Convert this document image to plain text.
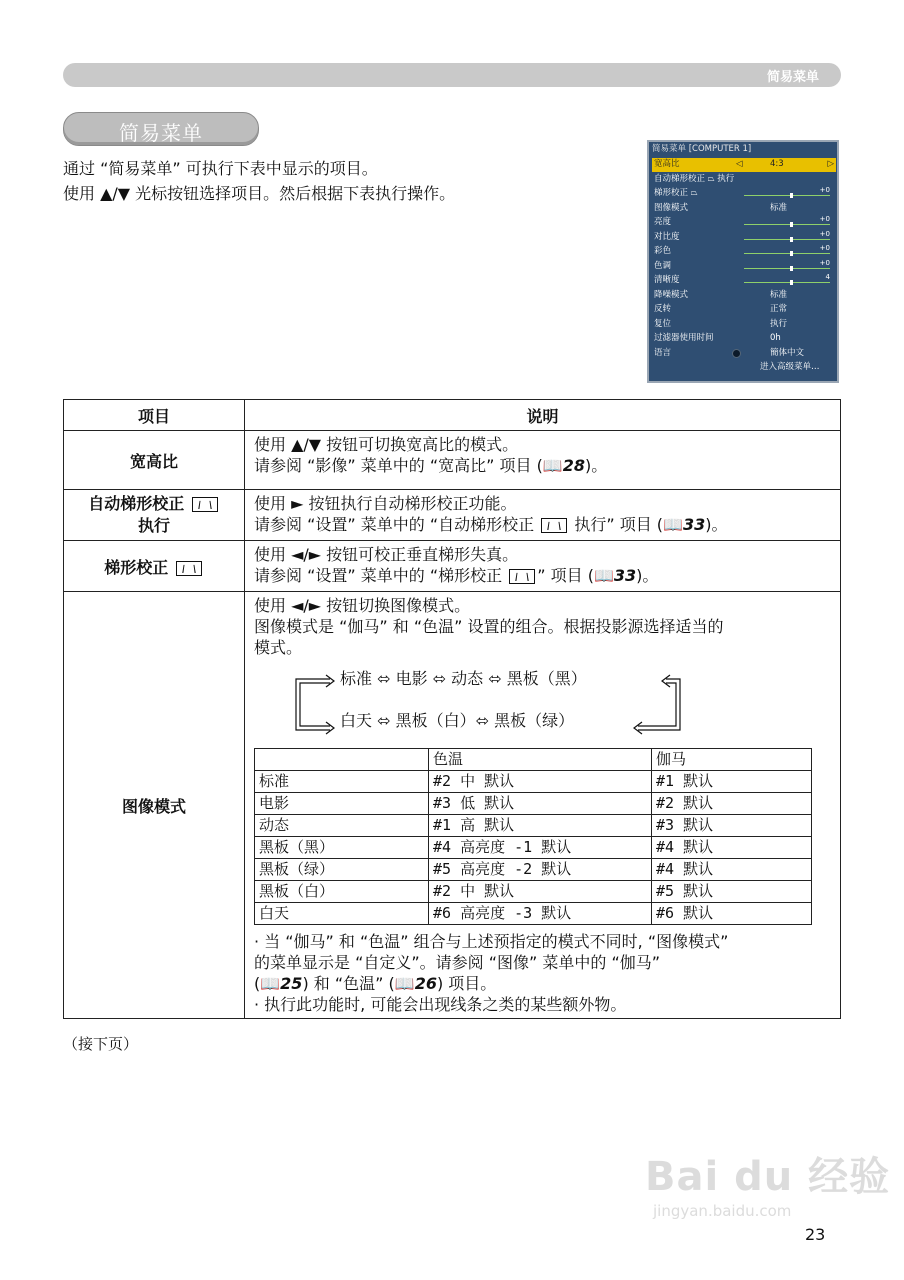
简易菜单
简易菜单
通过 “简易菜单” 可执行下表中显示的项目。
使用 ▲/▼ 光标按钮选择项目。然后根据下表执行操作。
简易菜单 [COMPUTER 1]
宽高比	4:3
◁	▷
自动梯形校正 ⏢ 执行
梯形校正 ⏢	+0
图像模式	标准
亮度	+0
对比度	+0
彩色	+0
色调	+0
清晰度	4
降噪模式	标准
反转	正常
复位	执行
过滤器使用时间	0h
语言	簡体中文
进入高级菜单…
项目	说明
宽高比	
使用 ▲/▼ 按钮可切换宽高比的模式。
请参阅 “影像” 菜单中的 “宽高比” 项目 (📖28)。

自动梯形校正
执行

使用 ► 按钮执行自动梯形校正功能。
请参阅 “设置” 菜单中的 “自动梯形校正	执行” 项目 (📖33)。

梯形校正	
使用 ◄/► 按钮可校正垂直梯形失真。
请参阅 “设置” 菜单中的 “梯形校正 ” 项目 (📖33)。

图像模式	
使用 ◄/► 按钮切换图像模式。
图像模式是 “伽马” 和 “色温” 设置的组合。根据投影源选择适当的
模式。
标准 ⬄ 电影 ⬄ 动态 ⬄ 黑板（黑）
白天 ⬄ 黑板（白）⬄ 黑板（绿）
	色温	伽马
标准	#2 中 默认	#1 默认
电影	#3 低 默认	#2 默认
动态	#1 高 默认	#3 默认
黑板（黑）	#4 高亮度 -1 默认	#4 默认
黑板（绿）	#5 高亮度 -2 默认	#4 默认
黑板（白）	#2 中 默认	#5 默认
白天	#6 高亮度 -3 默认	#6 默认
· 当 “伽马” 和 “色温” 组合与上述预指定的模式不同时, “图像模式”
的菜单显示是 “自定义”。请参阅 “图像” 菜单中的 “伽马”
(📖25) 和 “色温” (📖26) 项目。
· 执行此功能时, 可能会出现线条之类的某些额外物。
（接下页）
Bai du 经验
jingyan.baidu.com
23
